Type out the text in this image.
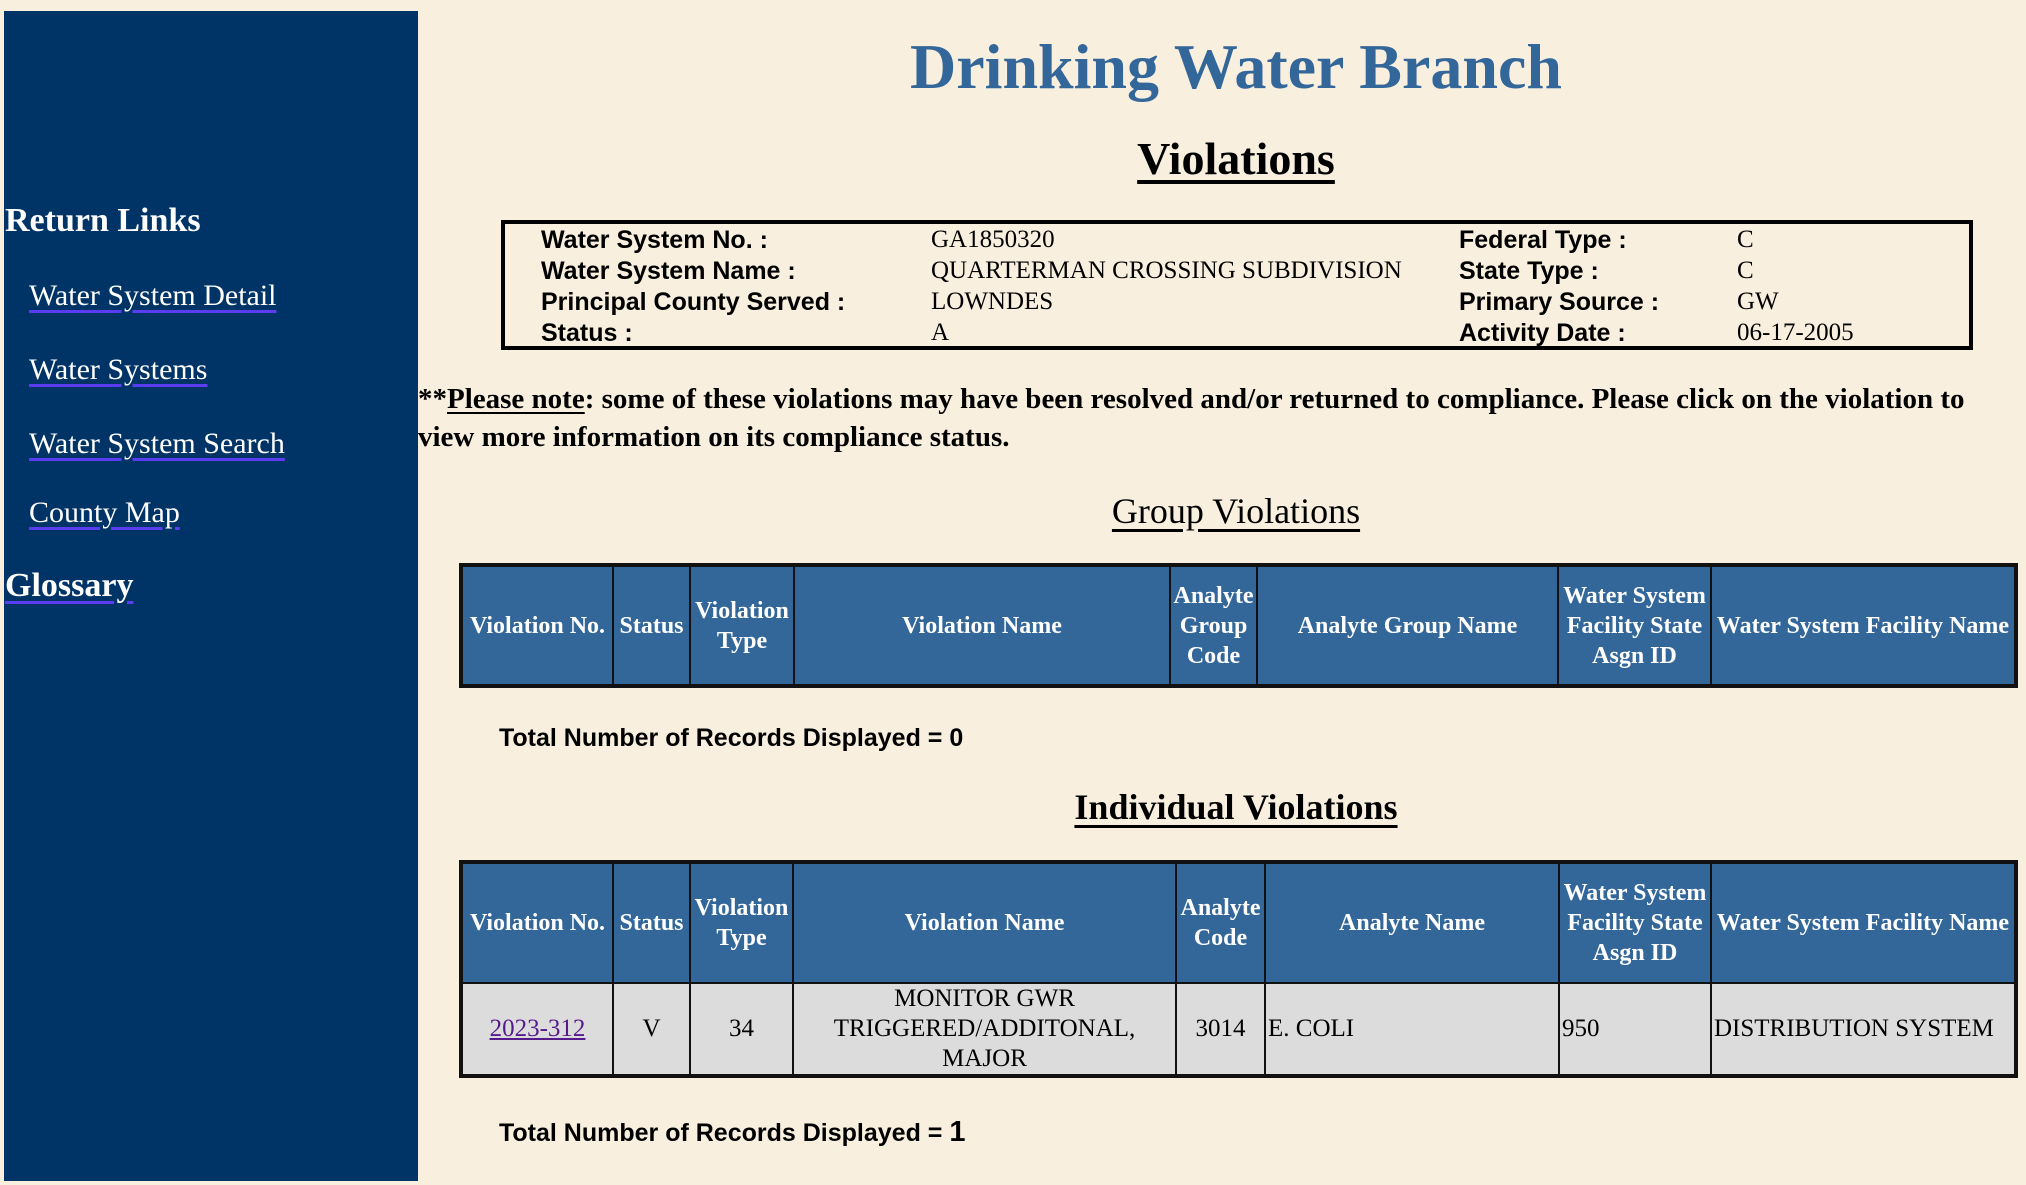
Return Links
Water System Detail
Water Systems
Water System Search
County Map
Glossary
Drinking Water Branch
Violations
Water System No. :	GA1850320
Water System Name :	QUARTERMAN CROSSING SUBDIVISION
Principal County Served :	LOWNDES
Status :	A
Federal Type :	C
State Type :	C
Primary Source :	GW
Activity Date :	06-17-2005
**Please note: some of these violations may have been resolved and/or returned to compliance. Please click on the violation to view more information on its compliance status.
Group Violations
Violation No.	Status	Violation Type	Violation Name	Analyte Group Code	Analyte Group Name	Water System Facility State Asgn ID	Water System Facility Name
Total Number of Records Displayed = 0
Individual Violations
Violation No.	Status	Violation Type	Violation Name	Analyte Code	Analyte Name	Water System Facility State Asgn ID	Water System Facility Name
2023-312	V	34	MONITOR GWR TRIGGERED/ADDITONAL, MAJOR	3014	E. COLI	950	DISTRIBUTION SYSTEM
Total Number of Records Displayed = 1
